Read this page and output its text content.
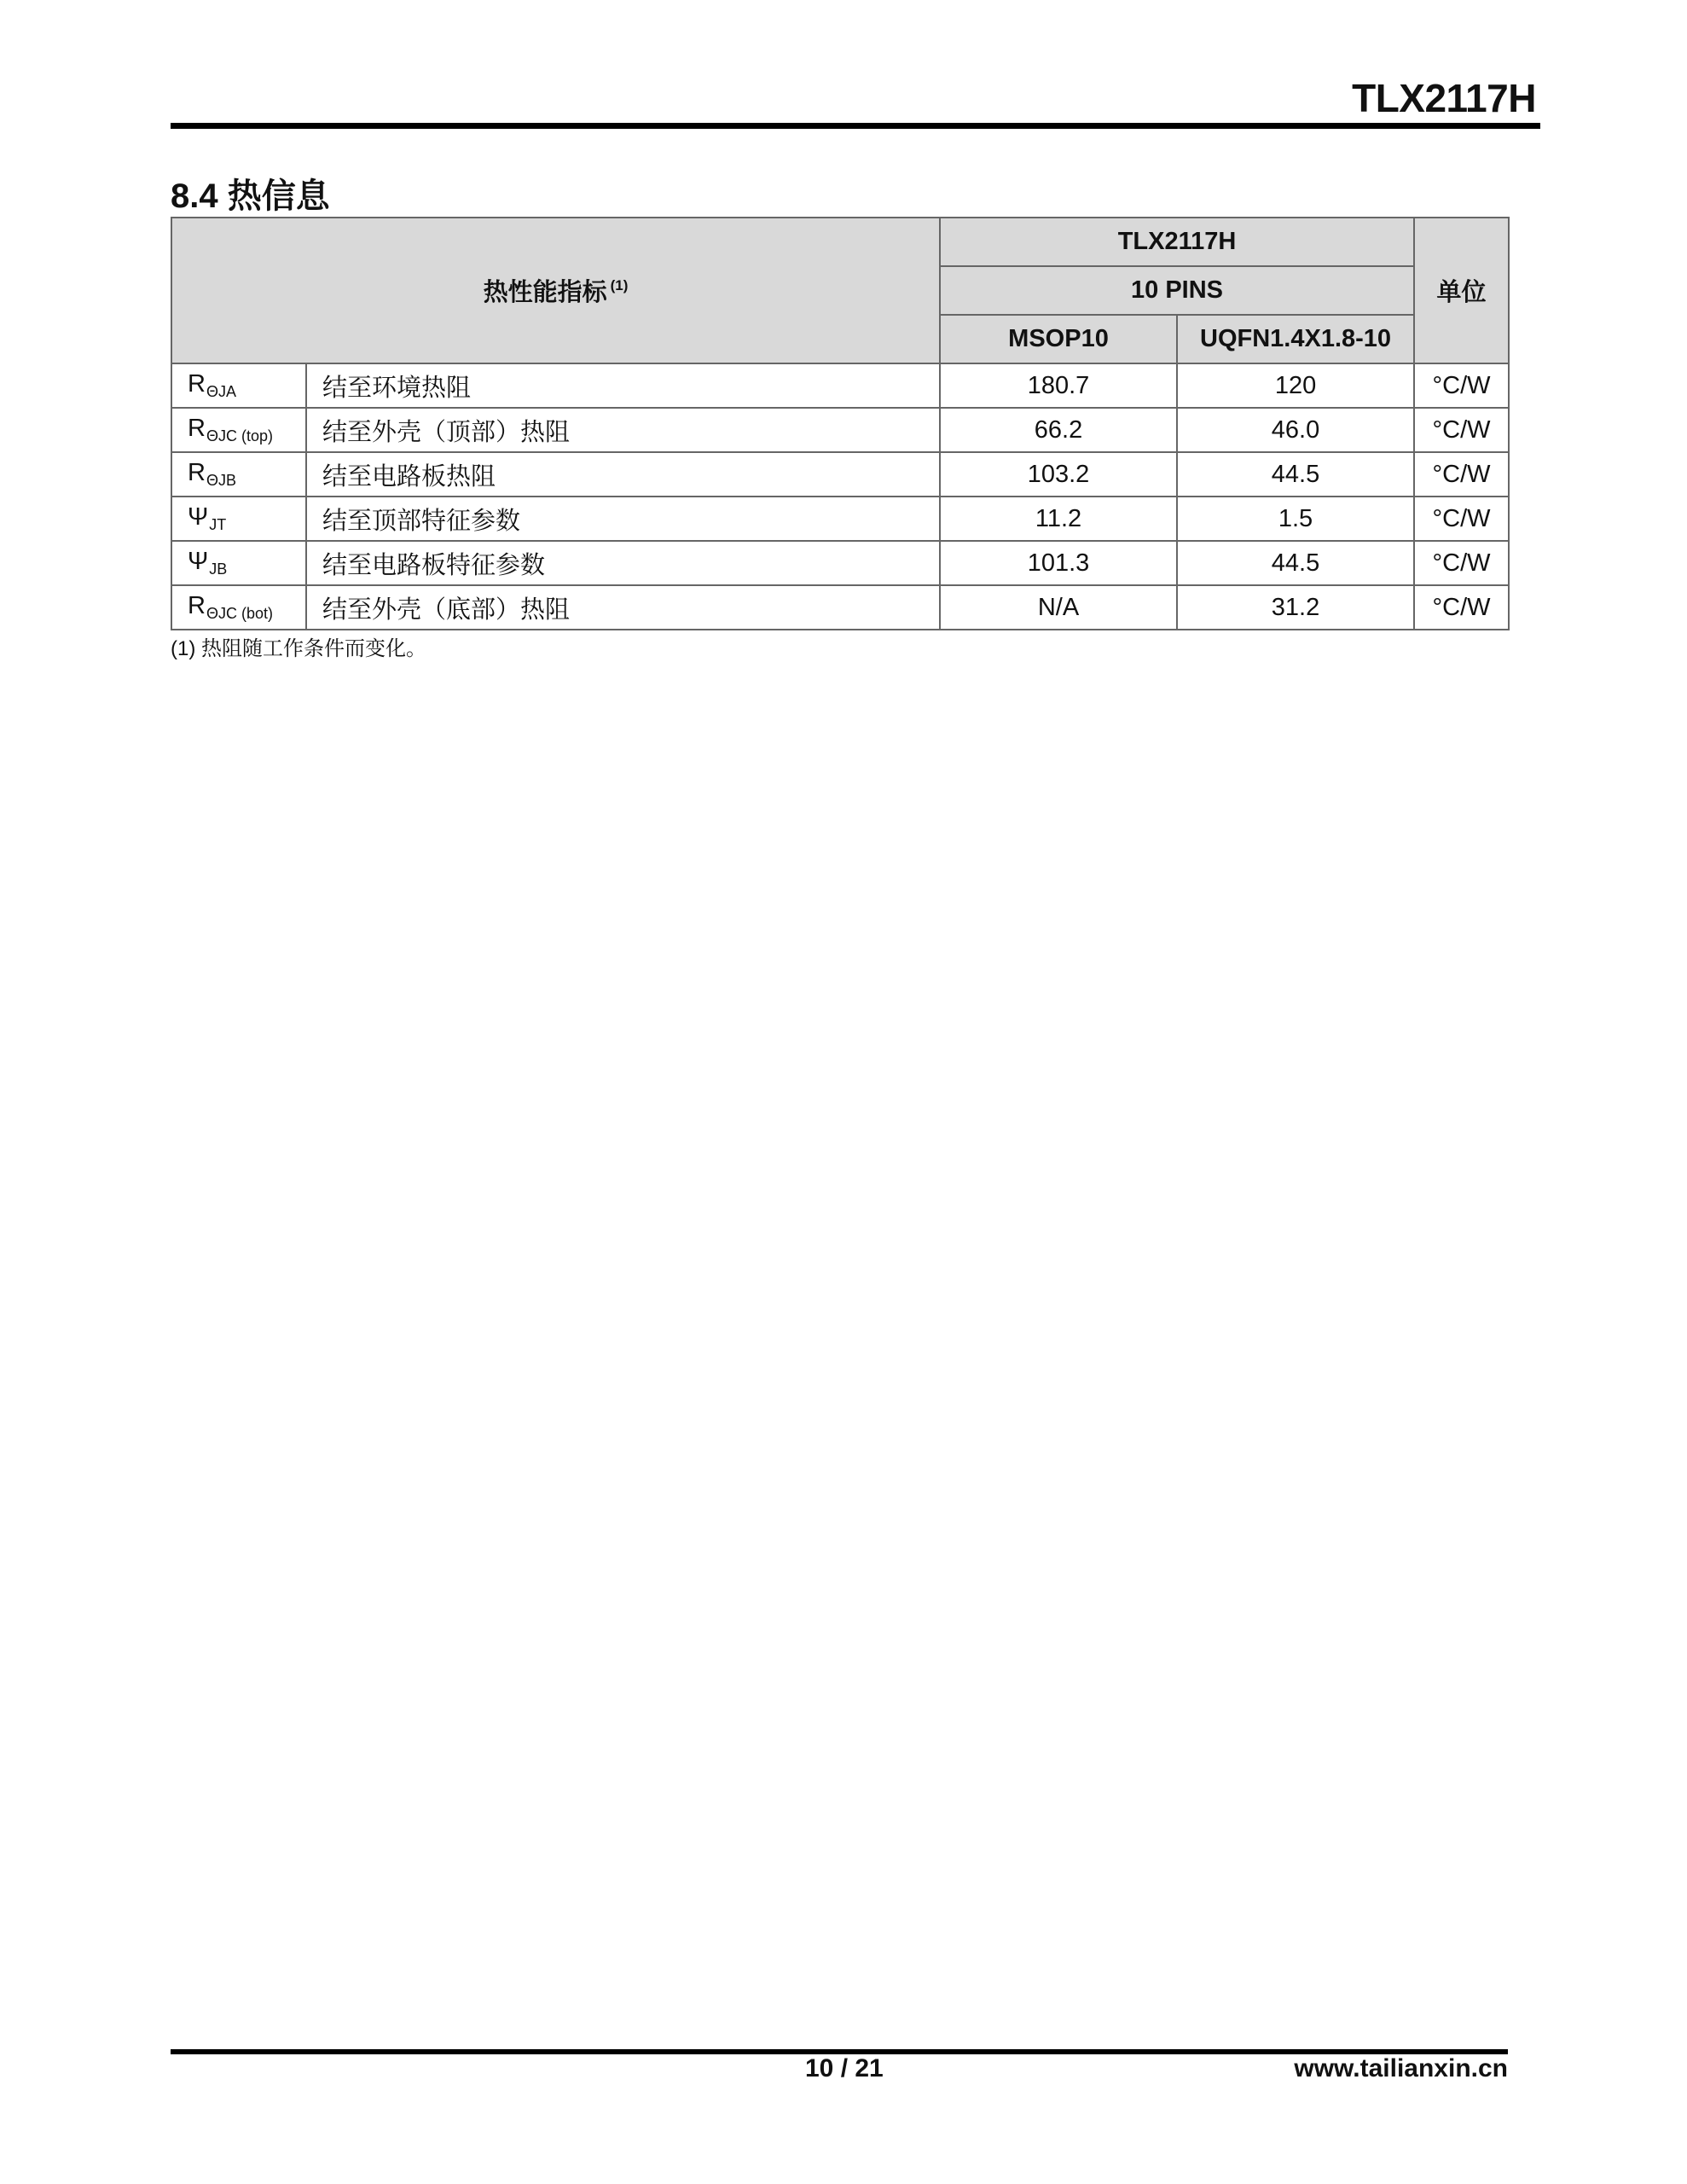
TLX2117H
8.4 热信息
热性能指标 $^{(1)}$		TLX2117H		单位
		10 PINS		
		MSOP10	UQFN1.4X1.8-10	
$R_{\Theta JA}$	结至环境热阻	180.7	120	°C/W
$R_{\Theta JC (top)}$	结至外壳（顶部）热阻	66.2	46.0	°C/W
$R_{\Theta JB}$	结至电路板热阻	103.2	44.5	°C/W
$\Psi_{JT}$	结至顶部特征参数	11.2	1.5	°C/W
$\Psi_{JB}$	结至电路板特征参数	101.3	44.5	°C/W
$R_{\Theta JC (bot)}$	结至外壳（底部）热阻	N/A	31.2	°C/W
(1) 热阻随工作条件而变化。
10 / 21	www.tailianxin.cn
